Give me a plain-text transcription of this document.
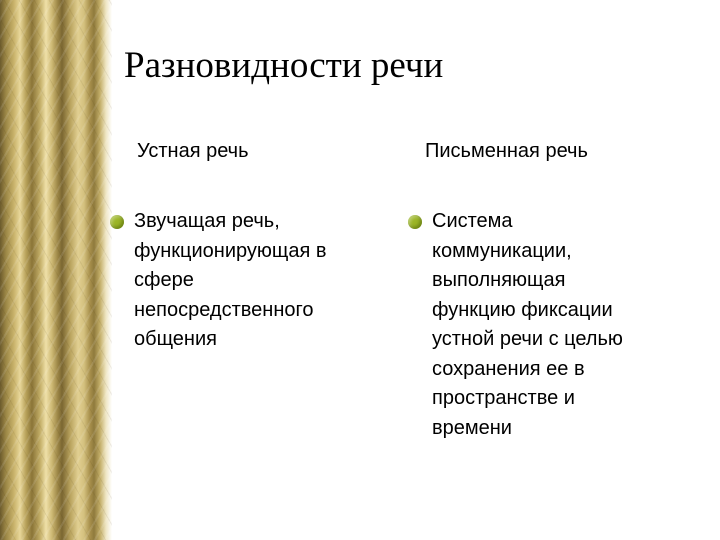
Разновидности речи
Устная речь	Письменная речь
Звучащая речь,
функционирующая в
сфере
непосредственного
общения
Система
коммуникации,
выполняющая
функцию фиксации
устной речи с целью
сохранения ее в
пространстве и
времени
